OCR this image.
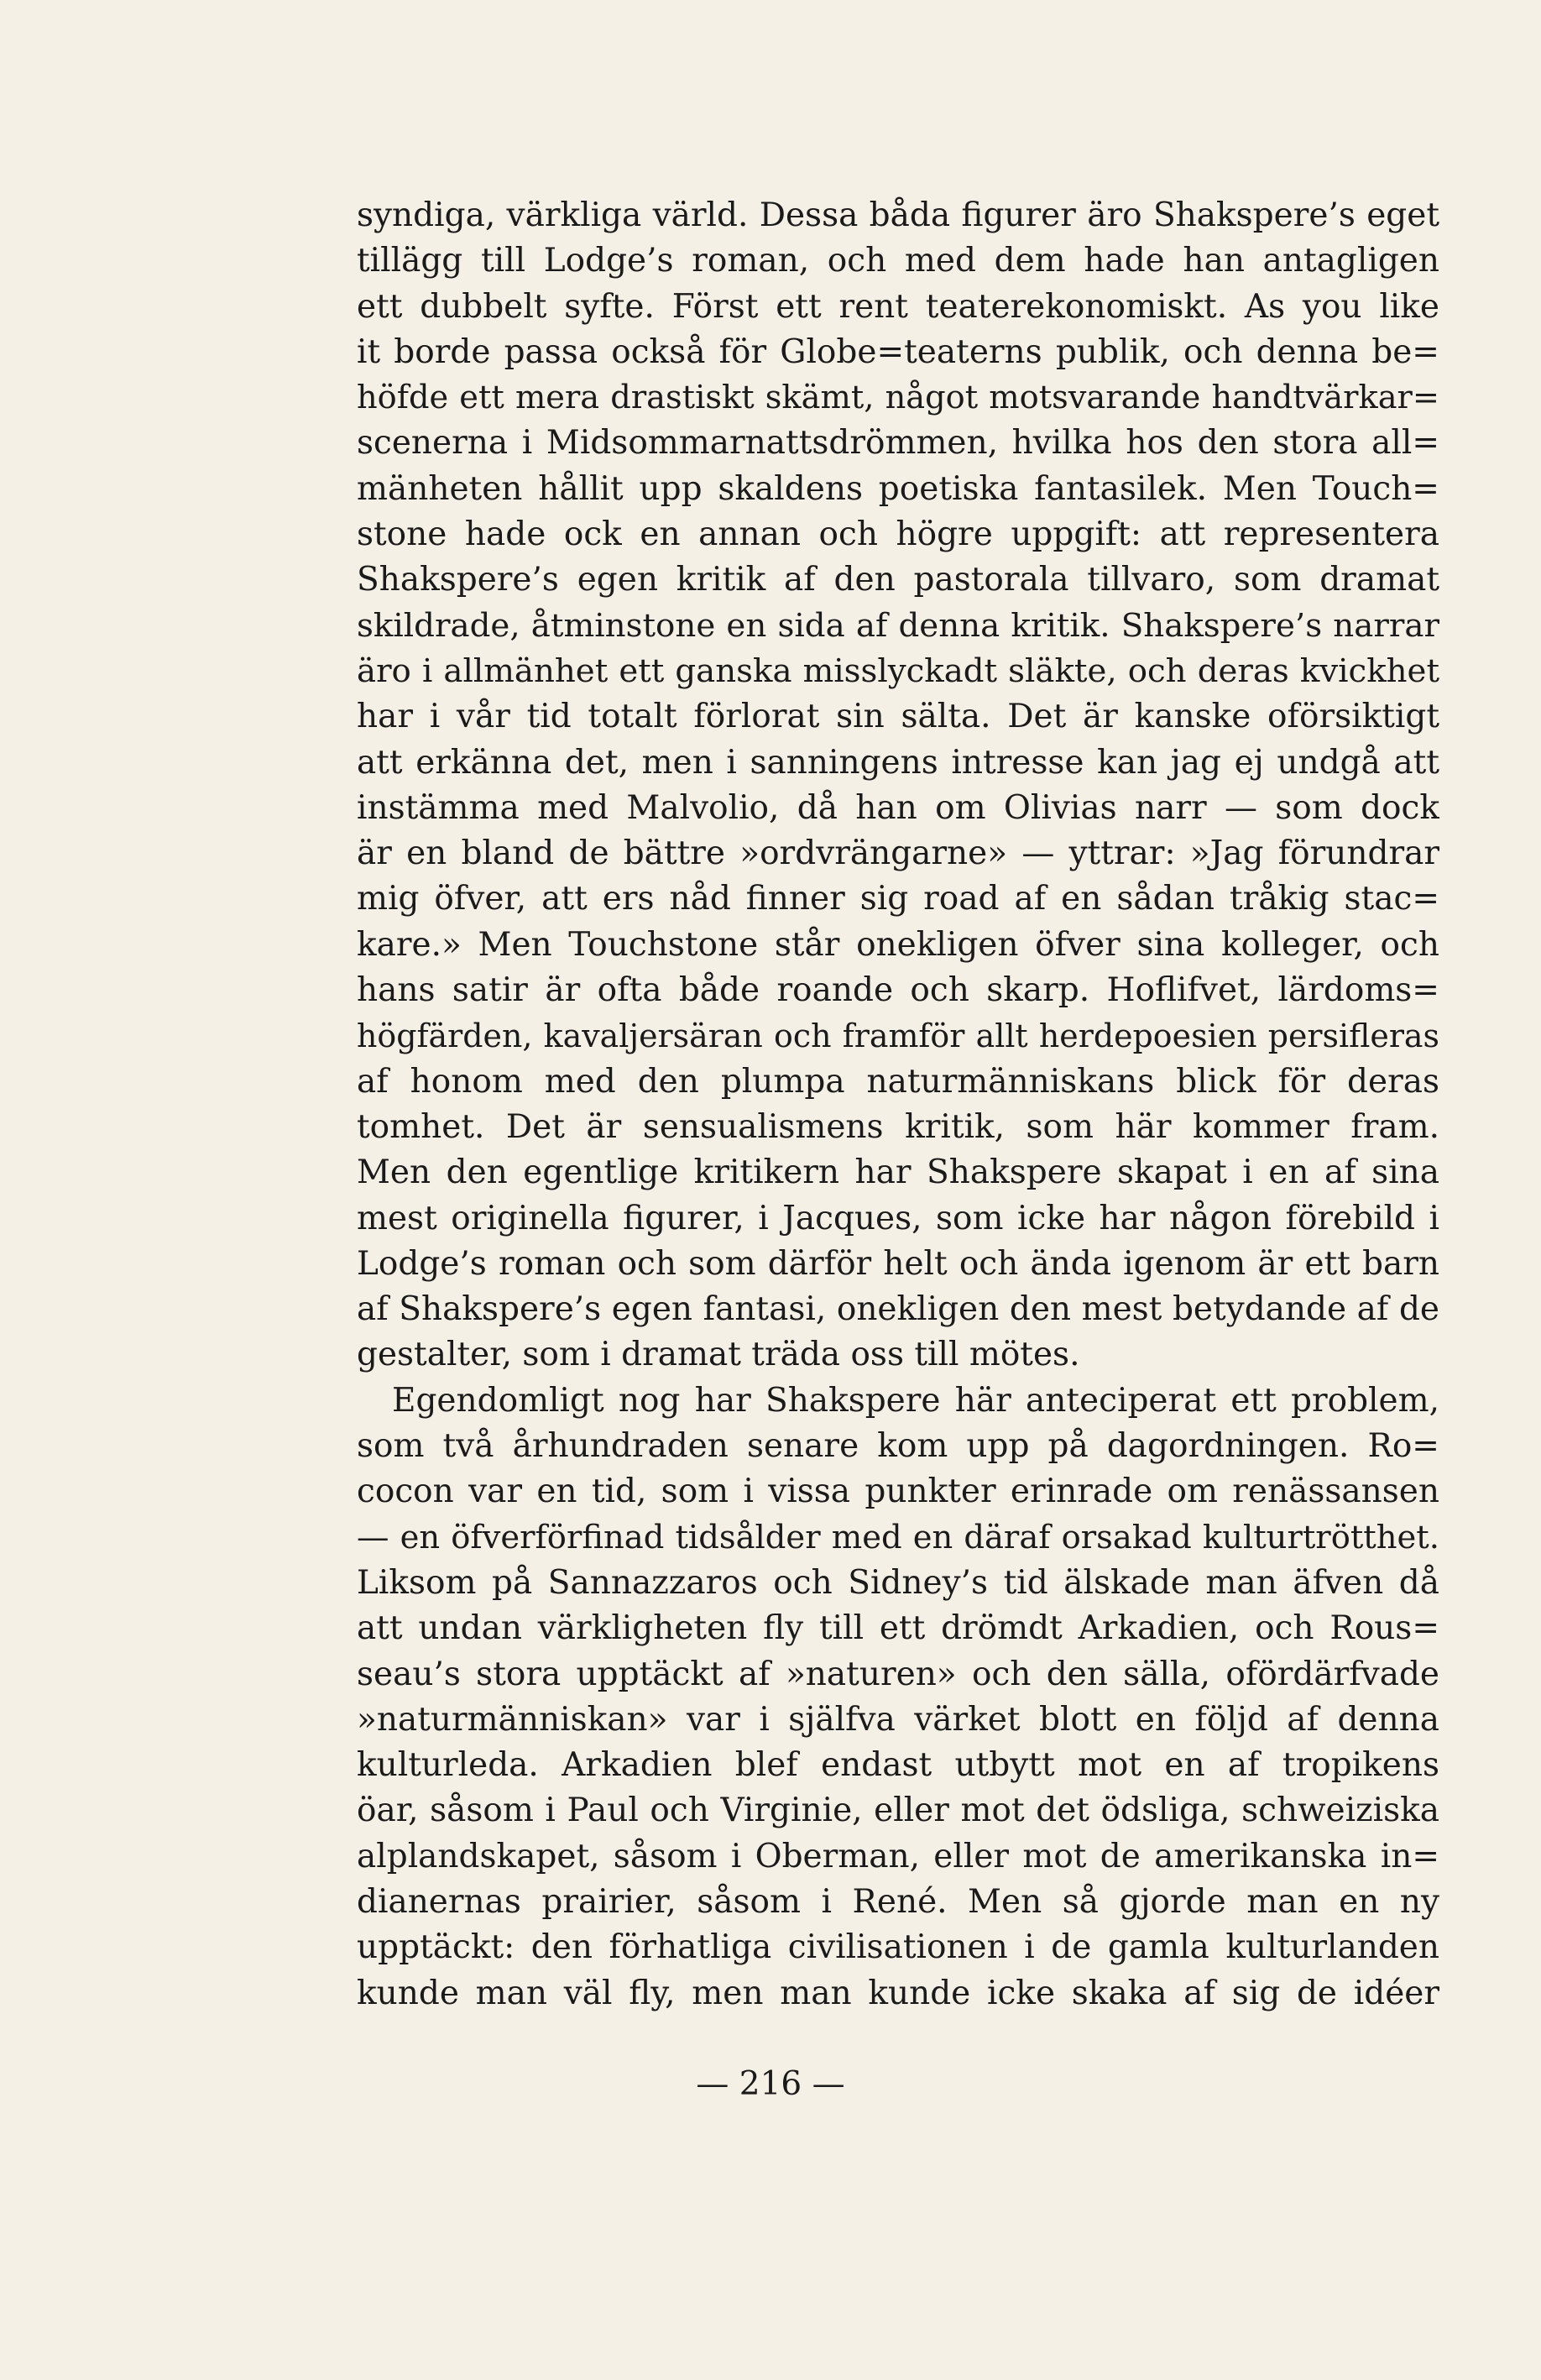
syndiga, värkliga värld. Dessa båda figurer äro Shakspere’s eget
tillägg till Lodge’s roman, och med dem hade han antagligen
ett dubbelt syfte. Först ett rent teaterekonomiskt. As you like
it borde passa också för Globe=teaterns publik, och denna be=
höfde ett mera drastiskt skämt, något motsvarande handtvärkar=
scenerna i Midsommarnattsdrömmen, hvilka hos den stora all=
mänheten hållit upp skaldens poetiska fantasilek. Men Touch=
stone hade ock en annan och högre uppgift: att representera
Shakspere’s egen kritik af den pastorala tillvaro, som dramat
skildrade, åtminstone en sida af denna kritik. Shakspere’s narrar
äro i allmänhet ett ganska misslyckadt släkte, och deras kvickhet
har i vår tid totalt förlorat sin sälta. Det är kanske oförsiktigt
att erkänna det, men i sanningens intresse kan jag ej undgå att
instämma med Malvolio, då han om Olivias narr — som dock
är en bland de bättre »ordvrängarne» — yttrar: »Jag förundrar
mig öfver, att ers nåd finner sig road af en sådan tråkig stac=
kare.» Men Touchstone står onekligen öfver sina kolleger, och
hans satir är ofta både roande och skarp. Hoflifvet, lärdoms=
högfärden, kavaljersäran och framför allt herdepoesien persifleras
af honom med den plumpa naturmänniskans blick för deras
tomhet. Det är sensualismens kritik, som här kommer fram.
Men den egentlige kritikern har Shakspere skapat i en af sina
mest originella figurer, i Jacques, som icke har någon förebild i
Lodge’s roman och som därför helt och ända igenom är ett barn
af Shakspere’s egen fantasi, onekligen den mest betydande af de
gestalter, som i dramat träda oss till mötes.
Egendomligt nog har Shakspere här anteciperat ett problem,
som två århundraden senare kom upp på dagordningen. Ro=
cocon var en tid, som i vissa punkter erinrade om renässansen
— en öfverförfinad tidsålder med en däraf orsakad kulturtrötthet.
Liksom på Sannazzaros och Sidney’s tid älskade man äfven då
att undan värkligheten fly till ett drömdt Arkadien, och Rous=
seau’s stora upptäckt af »naturen» och den sälla, ofördärfvade
»naturmänniskan» var i själfva värket blott en följd af denna
kulturleda. Arkadien blef endast utbytt mot en af tropikens
öar, såsom i Paul och Virginie, eller mot det ödsliga, schweiziska
alplandskapet, såsom i Oberman, eller mot de amerikanska in=
dianernas prairier, såsom i René. Men så gjorde man en ny
upptäckt: den förhatliga civilisationen i de gamla kulturlanden
kunde man väl fly, men man kunde icke skaka af sig de idéer
— 216 —
